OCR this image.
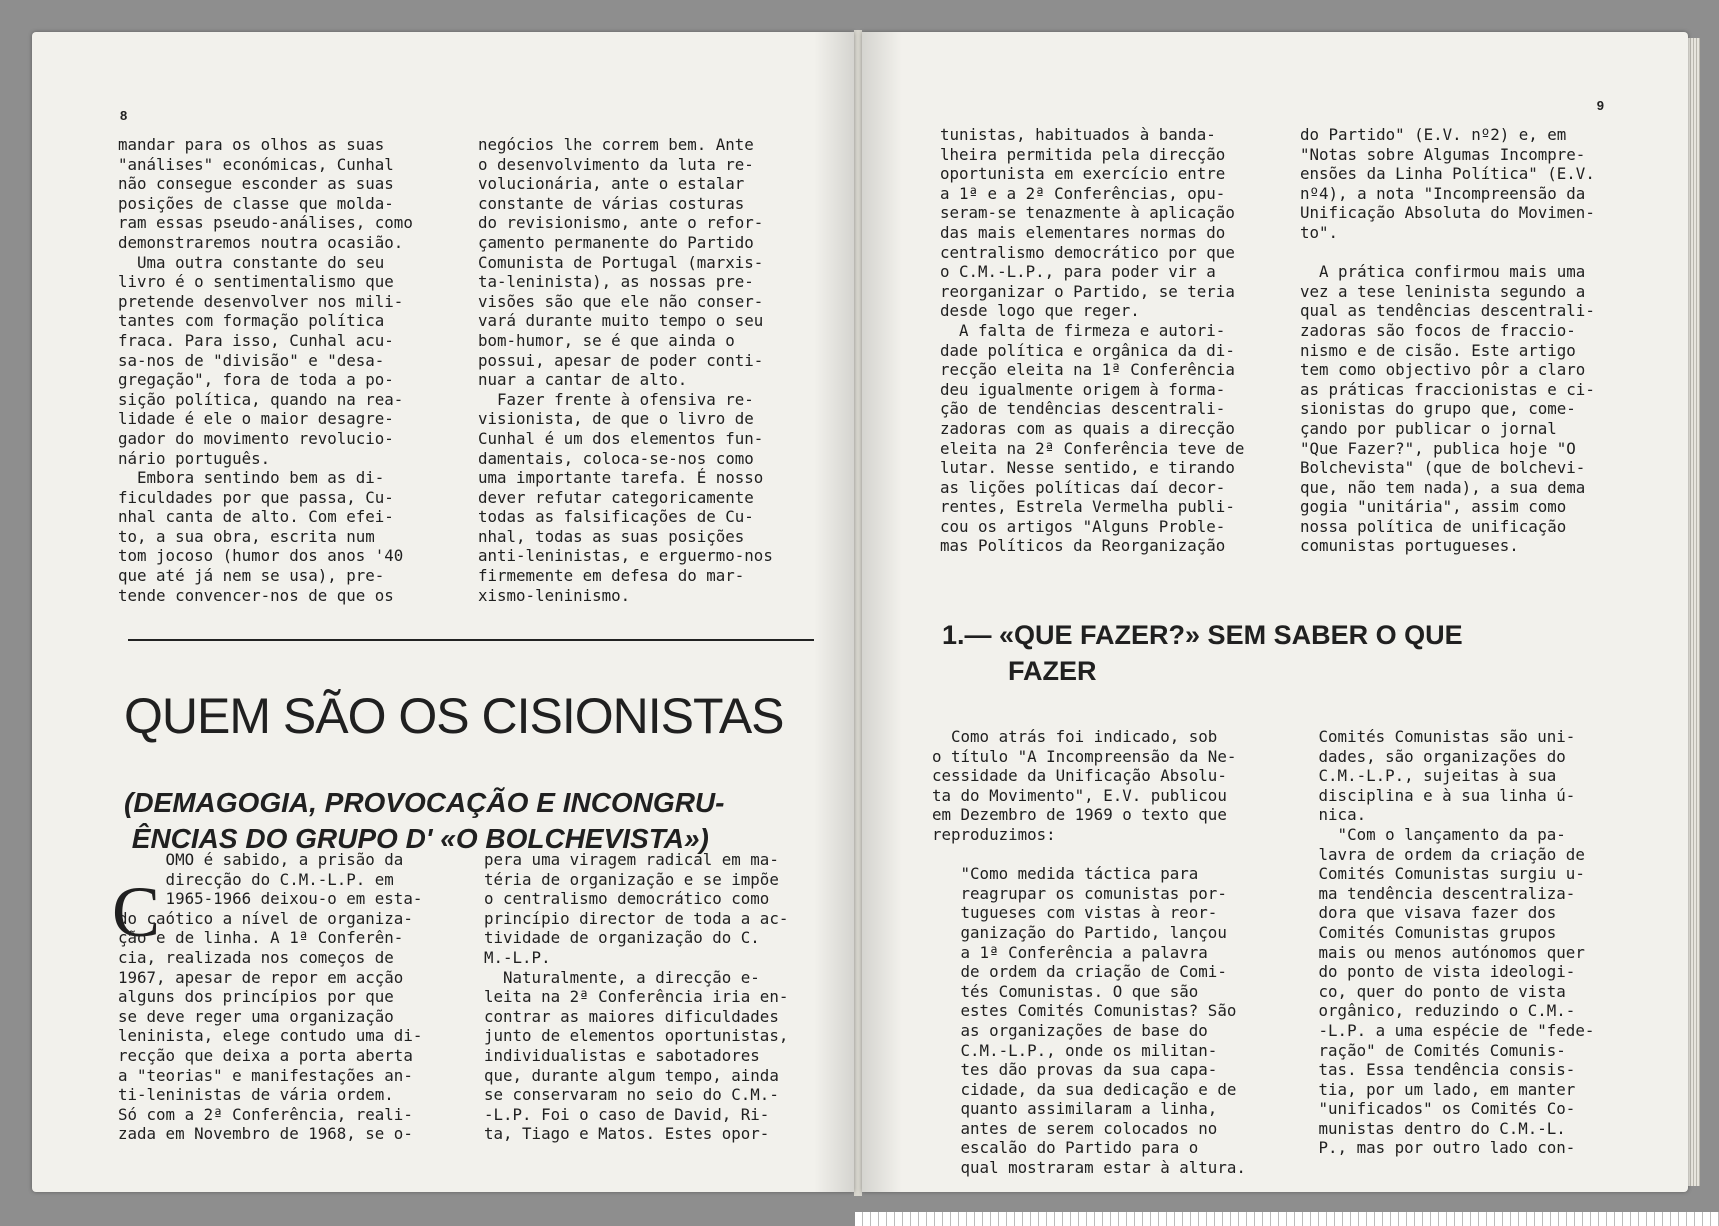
8
mandar para os olhos as suas
"análises" económicas, Cunhal
não consegue esconder as suas
posições de classe que molda-
ram essas pseudo-análises, como
demonstraremos noutra ocasião.
Uma outra constante do seu
livro é o sentimentalismo que
pretende desenvolver nos mili-
tantes com formação política
fraca. Para isso, Cunhal acu-
sa-nos de "divisão" e "desa-
gregação", fora de toda a po-
sição política, quando na rea-
lidade é ele o maior desagre-
gador do movimento revolucio-
nário português.
Embora sentindo bem as di-
ficuldades por que passa, Cu-
nhal canta de alto. Com efei-
to, a sua obra, escrita num
tom jocoso (humor dos anos '40
que até já nem se usa), pre-
tende convencer-nos de que os
negócios lhe correm bem. Ante
o desenvolvimento da luta re-
volucionária, ante o estalar
constante de várias costuras
do revisionismo, ante o refor-
çamento permanente do Partido
Comunista de Portugal (marxis-
ta-leninista), as nossas pre-
visões são que ele não conser-
vará durante muito tempo o seu
bom-humor, se é que ainda o
possui, apesar de poder conti-
nuar a cantar de alto.
Fazer frente à ofensiva re-
visionista, de que o livro de
Cunhal é um dos elementos fun-
damentais, coloca-se-nos como
uma importante tarefa. É nosso
dever refutar categoricamente
todas as falsificações de Cu-
nhal, todas as suas posições
anti-leninistas, e erguermo-nos
firmemente em defesa do mar-
xismo-leninismo.
QUEM SÃO OS CISIONISTAS
(DEMAGOGIA, PROVOCAÇÃO E INCONGRU-
ÊNCIAS DO GRUPO D' «O BOLCHEVISTA»)
C
OMO é sabido, a prisão da
direcção do C.M.-L.P. em
1965-1966 deixou-o em esta-
do caótico a nível de organiza-
ção e de linha. A 1ª Conferên-
cia, realizada nos começos de
1967, apesar de repor em acção
alguns dos princípios por que
se deve reger uma organização
leninista, elege contudo uma di-
recção que deixa a porta aberta
a "teorias" e manifestações an-
ti-leninistas de vária ordem.
Só com a 2ª Conferência, reali-
zada em Novembro de 1968, se o-
pera uma viragem radical em ma-
téria de organização e se impõe
o centralismo democrático como
princípio director de toda a ac-
tividade de organização do C.
M.-L.P.
Naturalmente, a direcção e-
leita na 2ª Conferência iria en-
contrar as maiores dificuldades
junto de elementos oportunistas,
individualistas e sabotadores
que, durante algum tempo, ainda
se conservaram no seio do C.M.-
-L.P. Foi o caso de David, Ri-
ta, Tiago e Matos. Estes opor-
9
tunistas, habituados à banda-
lheira permitida pela direcção
oportunista em exercício entre
a 1ª e a 2ª Conferências, opu-
seram-se tenazmente à aplicação
das mais elementares normas do
centralismo democrático por que
o C.M.-L.P., para poder vir a
reorganizar o Partido, se teria
desde logo que reger.
A falta de firmeza e autori-
dade política e orgânica da di-
recção eleita na 1ª Conferência
deu igualmente origem à forma-
ção de tendências descentrali-
zadoras com as quais a direcção
eleita na 2ª Conferência teve de
lutar. Nesse sentido, e tirando
as lições políticas daí decor-
rentes, Estrela Vermelha publi-
cou os artigos "Alguns Proble-
mas Políticos da Reorganização
do Partido" (E.V. nº2) e, em
"Notas sobre Algumas Incompre-
ensões da Linha Política" (E.V.
nº4), a nota "Incompreensão da
Unificação Absoluta do Movimen-
to".

A prática confirmou mais uma
vez a tese leninista segundo a
qual as tendências descentrali-
zadoras são focos de fraccio-
nismo e de cisão. Este artigo
tem como objectivo pôr a claro
as práticas fraccionistas e ci-
sionistas do grupo que, come-
çando por publicar o jornal
"Que Fazer?", publica hoje "O
Bolchevista" (que de bolchevi-
que, não tem nada), a sua dema
gogia "unitária", assim como
nossa política de unificação
comunistas portugueses.
1.— «QUE FAZER?» SEM SABER O QUE
FAZER
Como atrás foi indicado, sob
o título "A Incompreensão da Ne-
cessidade da Unificação Absolu-
ta do Movimento", E.V. publicou
em Dezembro de 1969 o texto que
reproduzimos:

"Como medida táctica para
reagrupar os comunistas por-
tugueses com vistas à reor-
ganização do Partido, lançou
a 1ª Conferência a palavra
de ordem da criação de Comi-
tés Comunistas. O que são
estes Comités Comunistas? São
as organizações de base do
C.M.-L.P., onde os militan-
tes dão provas da sua capa-
cidade, da sua dedicação e de
quanto assimilaram a linha,
antes de serem colocados no
escalão do Partido para o
qual mostraram estar à altura.
Comités Comunistas são uni-
dades, são organizações do
C.M.-L.P., sujeitas à sua
disciplina e à sua linha ú-
nica.
"Com o lançamento da pa-
lavra de ordem da criação de
Comités Comunistas surgiu u-
ma tendência descentraliza-
dora que visava fazer dos
Comités Comunistas grupos
mais ou menos autónomos quer
do ponto de vista ideologi-
co, quer do ponto de vista
orgânico, reduzindo o C.M.-
-L.P. a uma espécie de "fede-
ração" de Comités Comunis-
tas. Essa tendência consis-
tia, por um lado, em manter
"unificados" os Comités Co-
munistas dentro do C.M.-L.
P., mas por outro lado con-
